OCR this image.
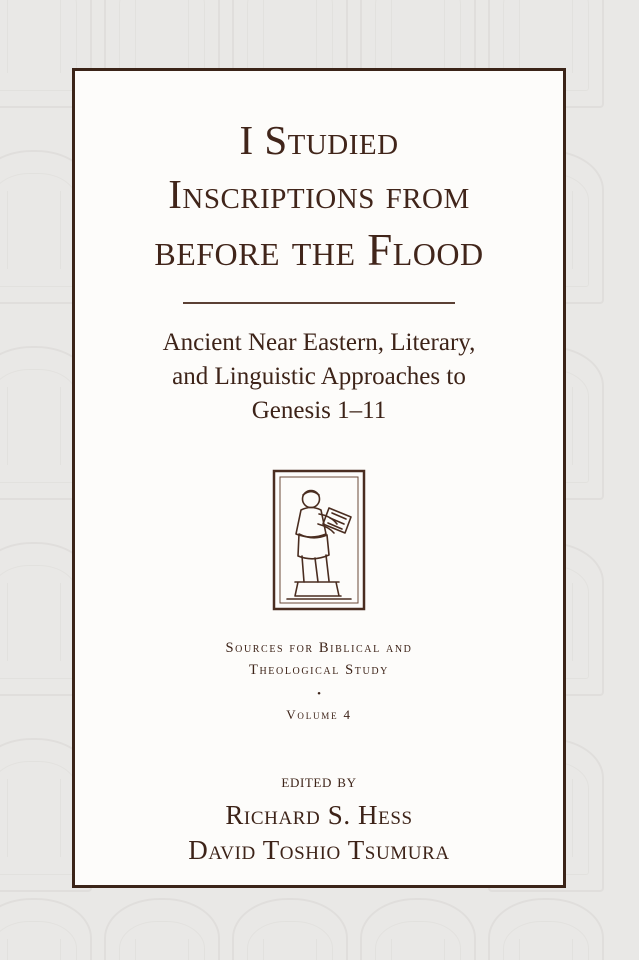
I Studied
Inscriptions from
before the Flood
Ancient Near Eastern, Literary,
and Linguistic Approaches to
Genesis 1–11
Sources for Biblical and
Theological Study
•
Volume 4
edited by
Richard S. Hess
David Toshio Tsumura
